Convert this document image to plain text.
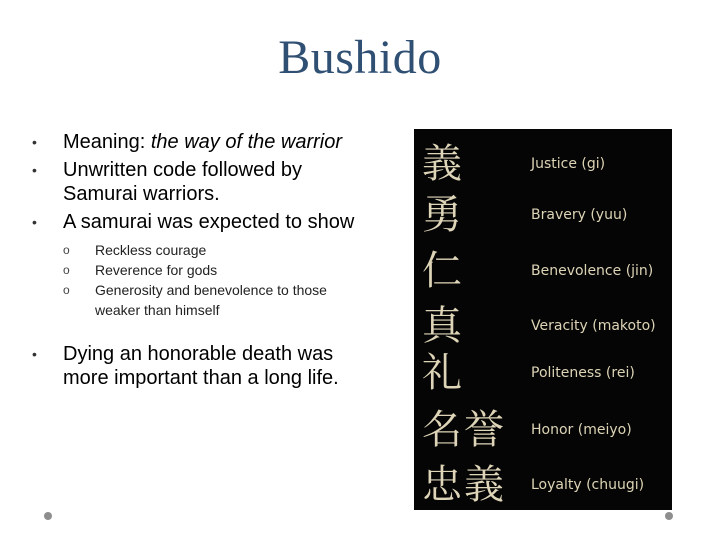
Bushido
• Meaning: the way of the warrior
• Unwritten code followed by Samurai warriors.
• A samurai was expected to show
o Reckless courage
o Reverence for gods
o Generosity and benevolence to those weaker than himself
• Dying an honorable death was more important than a long life.
義	Justice (gi)
勇	Bravery (yuu)
仁	Benevolence (jin)
真	Veracity (makoto)
礼	Politeness (rei)
名誉 Honor (meiyo)
忠義 Loyalty (chuugi)
